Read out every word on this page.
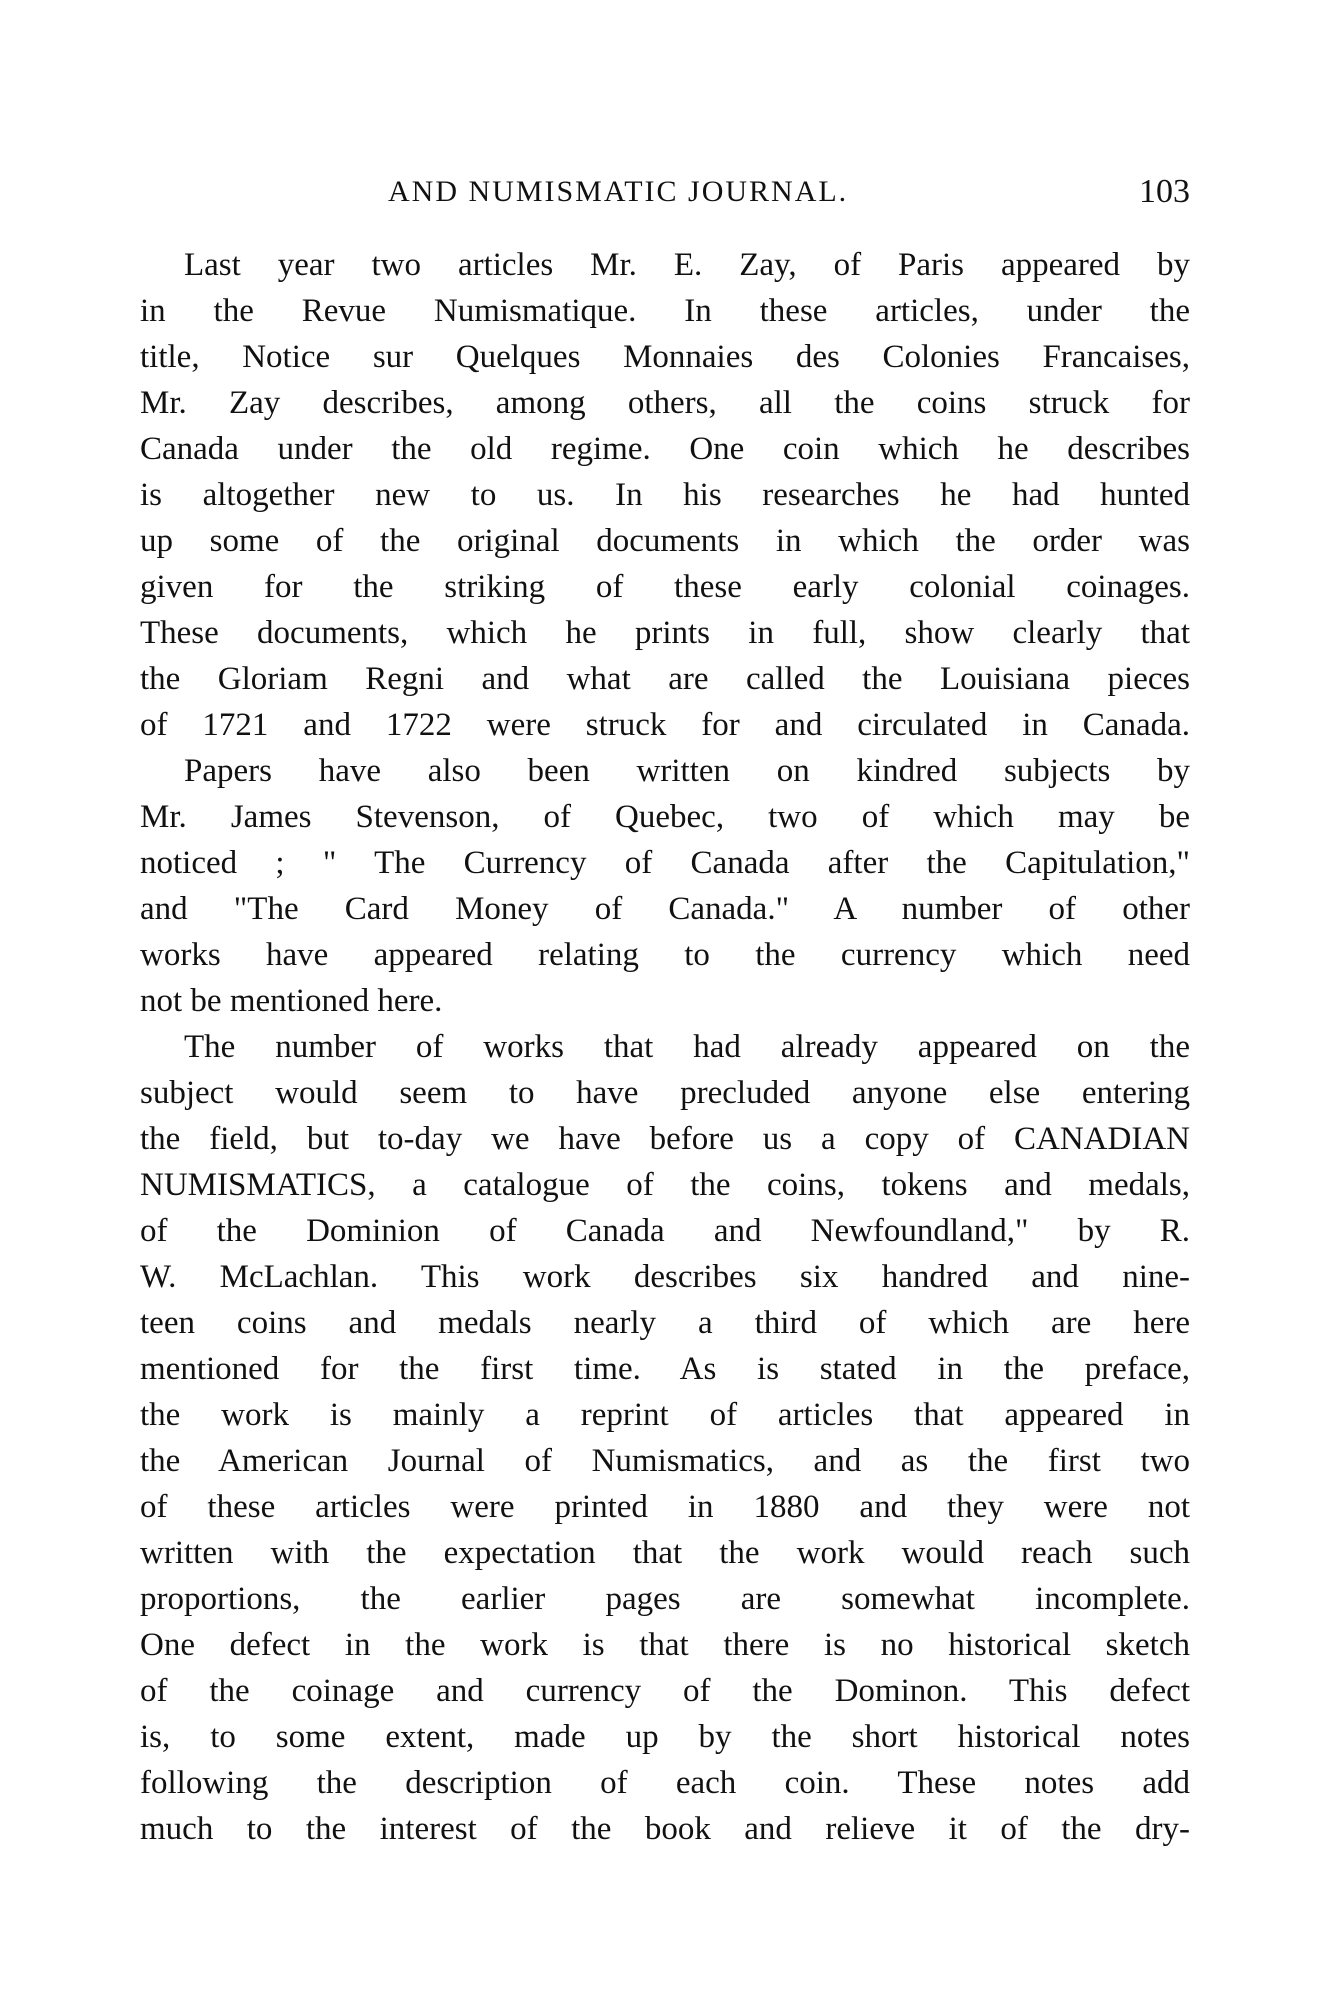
AND NUMISMATIC JOURNAL.	103
Last year two articles Mr. E. Zay, of Paris appeared by
in the Revue Numismatique. In these articles, under the
title, Notice sur Quelques Monnaies des Colonies Francaises,
Mr. Zay describes, among others, all the coins struck for
Canada under the old regime. One coin which he describes
is altogether new to us. In his researches he had hunted
up some of the original documents in which the order was
given for the striking of these early colonial coinages.
These documents, which he prints in full, show clearly that
the Gloriam Regni and what are called the Louisiana pieces
of 1721 and 1722 were struck for and circulated in Canada.
Papers have also been written on kindred subjects by
Mr. James Stevenson, of Quebec, two of which may be
noticed ; " The Currency of Canada after the Capitulation,"
and "The Card Money of Canada." A number of other
works have appeared relating to the currency which need
not be mentioned here.
The number of works that had already appeared on the
subject would seem to have precluded anyone else entering
the field, but to-day we have before us a copy of CANADIAN
NUMISMATICS, a catalogue of the coins, tokens and medals,
of the Dominion of Canada and Newfoundland," by R.
W. McLachlan. This work describes six handred and nine-
teen coins and medals nearly a third of which are here
mentioned for the first time. As is stated in the preface,
the work is mainly a reprint of articles that appeared in
the American Journal of Numismatics, and as the first two
of these articles were printed in 1880 and they were not
written with the expectation that the work would reach such
proportions, the earlier pages are somewhat incomplete.
One defect in the work is that there is no historical sketch
of the coinage and currency of the Dominon. This defect
is, to some extent, made up by the short historical notes
following the description of each coin. These notes add
much to the interest of the book and relieve it of the dry-
